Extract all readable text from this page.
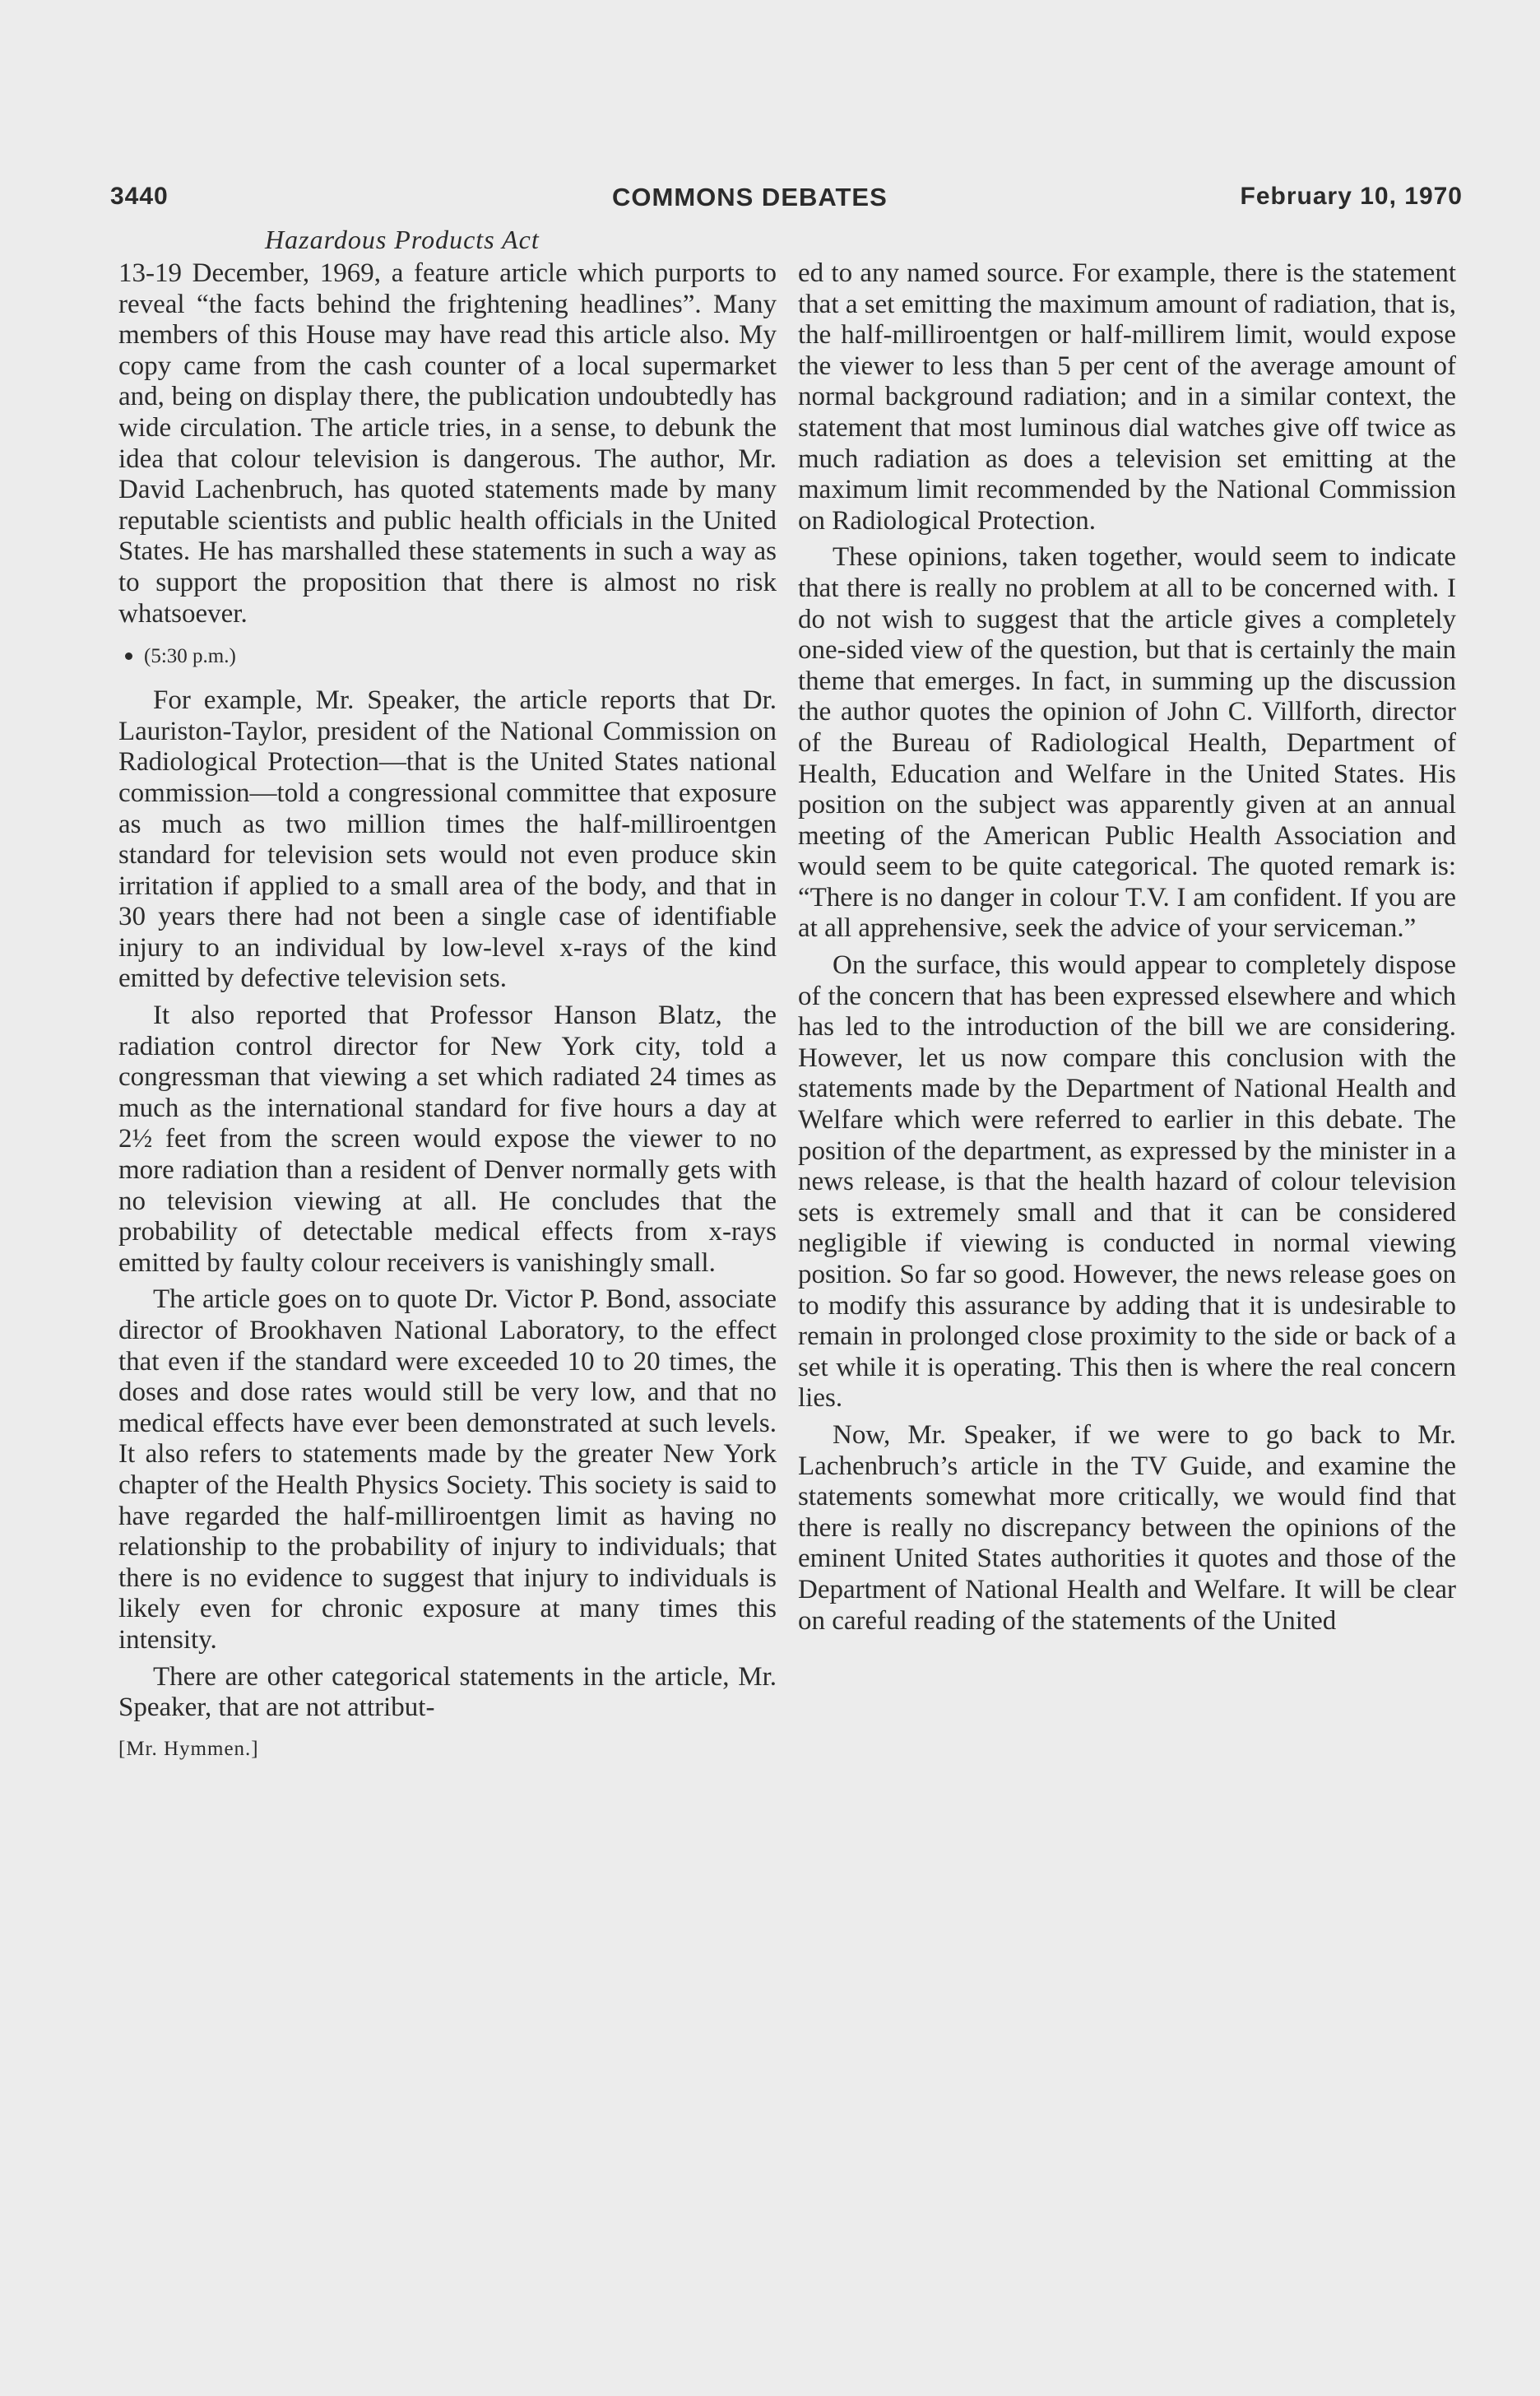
3440	COMMONS DEBATES	February 10, 1970
Hazardous Products Act

13-19 December, 1969, a feature article which purports to reveal “the facts behind the frightening headlines”. Many members of this House may have read this article also. My copy came from the cash counter of a local supermarket and, being on display there, the publication undoubtedly has wide circulation. The article tries, in a sense, to debunk the idea that colour television is dangerous. The author, Mr. David Lachenbruch, has quoted statements made by many reputable scientists and public health officials in the United States. He has marshalled these statements in such a way as to support the proposition that there is almost no risk whatsoever.

(5:30 p.m.)

For example, Mr. Speaker, the article reports that Dr. Lauriston-Taylor, president of the National Commission on Radiological Protection—that is the United States national commission—told a congressional committee that exposure as much as two million times the half-milliroentgen standard for television sets would not even produce skin irritation if applied to a small area of the body, and that in 30 years there had not been a single case of identifiable injury to an individual by low-level x-rays of the kind emitted by defective television sets.

It also reported that Professor Hanson Blatz, the radiation control director for New York city, told a congressman that viewing a set which radiated 24 times as much as the international standard for five hours a day at 2½ feet from the screen would expose the viewer to no more radiation than a resident of Denver normally gets with no television viewing at all. He concludes that the probability of detectable medical effects from x-rays emitted by faulty colour receivers is vanishingly small.

The article goes on to quote Dr. Victor P. Bond, associate director of Brookhaven National Laboratory, to the effect that even if the standard were exceeded 10 to 20 times, the doses and dose rates would still be very low, and that no medical effects have ever been demonstrated at such levels. It also refers to statements made by the greater New York chapter of the Health Physics Society. This society is said to have regarded the half-milliroentgen limit as having no relationship to the probability of injury to individuals; that there is no evidence to suggest that injury to individuals is likely even for chronic exposure at many times this intensity.

There are other categorical statements in the article, Mr. Speaker, that are not attribut-

[Mr. Hymmen.]

ed to any named source. For example, there is the statement that a set emitting the maximum amount of radiation, that is, the half-milliroentgen or half-millirem limit, would expose the viewer to less than 5 per cent of the average amount of normal background radiation; and in a similar context, the statement that most luminous dial watches give off twice as much radiation as does a television set emitting at the maximum limit recommended by the National Commission on Radiological Protection.

These opinions, taken together, would seem to indicate that there is really no problem at all to be concerned with. I do not wish to suggest that the article gives a completely one-sided view of the question, but that is certainly the main theme that emerges. In fact, in summing up the discussion the author quotes the opinion of John C. Villforth, director of the Bureau of Radiological Health, Department of Health, Education and Welfare in the United States. His position on the subject was apparently given at an annual meeting of the American Public Health Association and would seem to be quite categorical. The quoted remark is: “There is no danger in colour T.V. I am confident. If you are at all apprehensive, seek the advice of your serviceman.”

On the surface, this would appear to completely dispose of the concern that has been expressed elsewhere and which has led to the introduction of the bill we are considering. However, let us now compare this conclusion with the statements made by the Department of National Health and Welfare which were referred to earlier in this debate. The position of the department, as expressed by the minister in a news release, is that the health hazard of colour television sets is extremely small and that it can be considered negligible if viewing is conducted in normal viewing position. So far so good. However, the news release goes on to modify this assurance by adding that it is undesirable to remain in prolonged close proximity to the side or back of a set while it is operating. This then is where the real concern lies.

Now, Mr. Speaker, if we were to go back to Mr. Lachenbruch’s article in the TV Guide, and examine the statements somewhat more critically, we would find that there is really no discrepancy between the opinions of the eminent United States authorities it quotes and those of the Department of National Health and Welfare. It will be clear on careful reading of the statements of the United
